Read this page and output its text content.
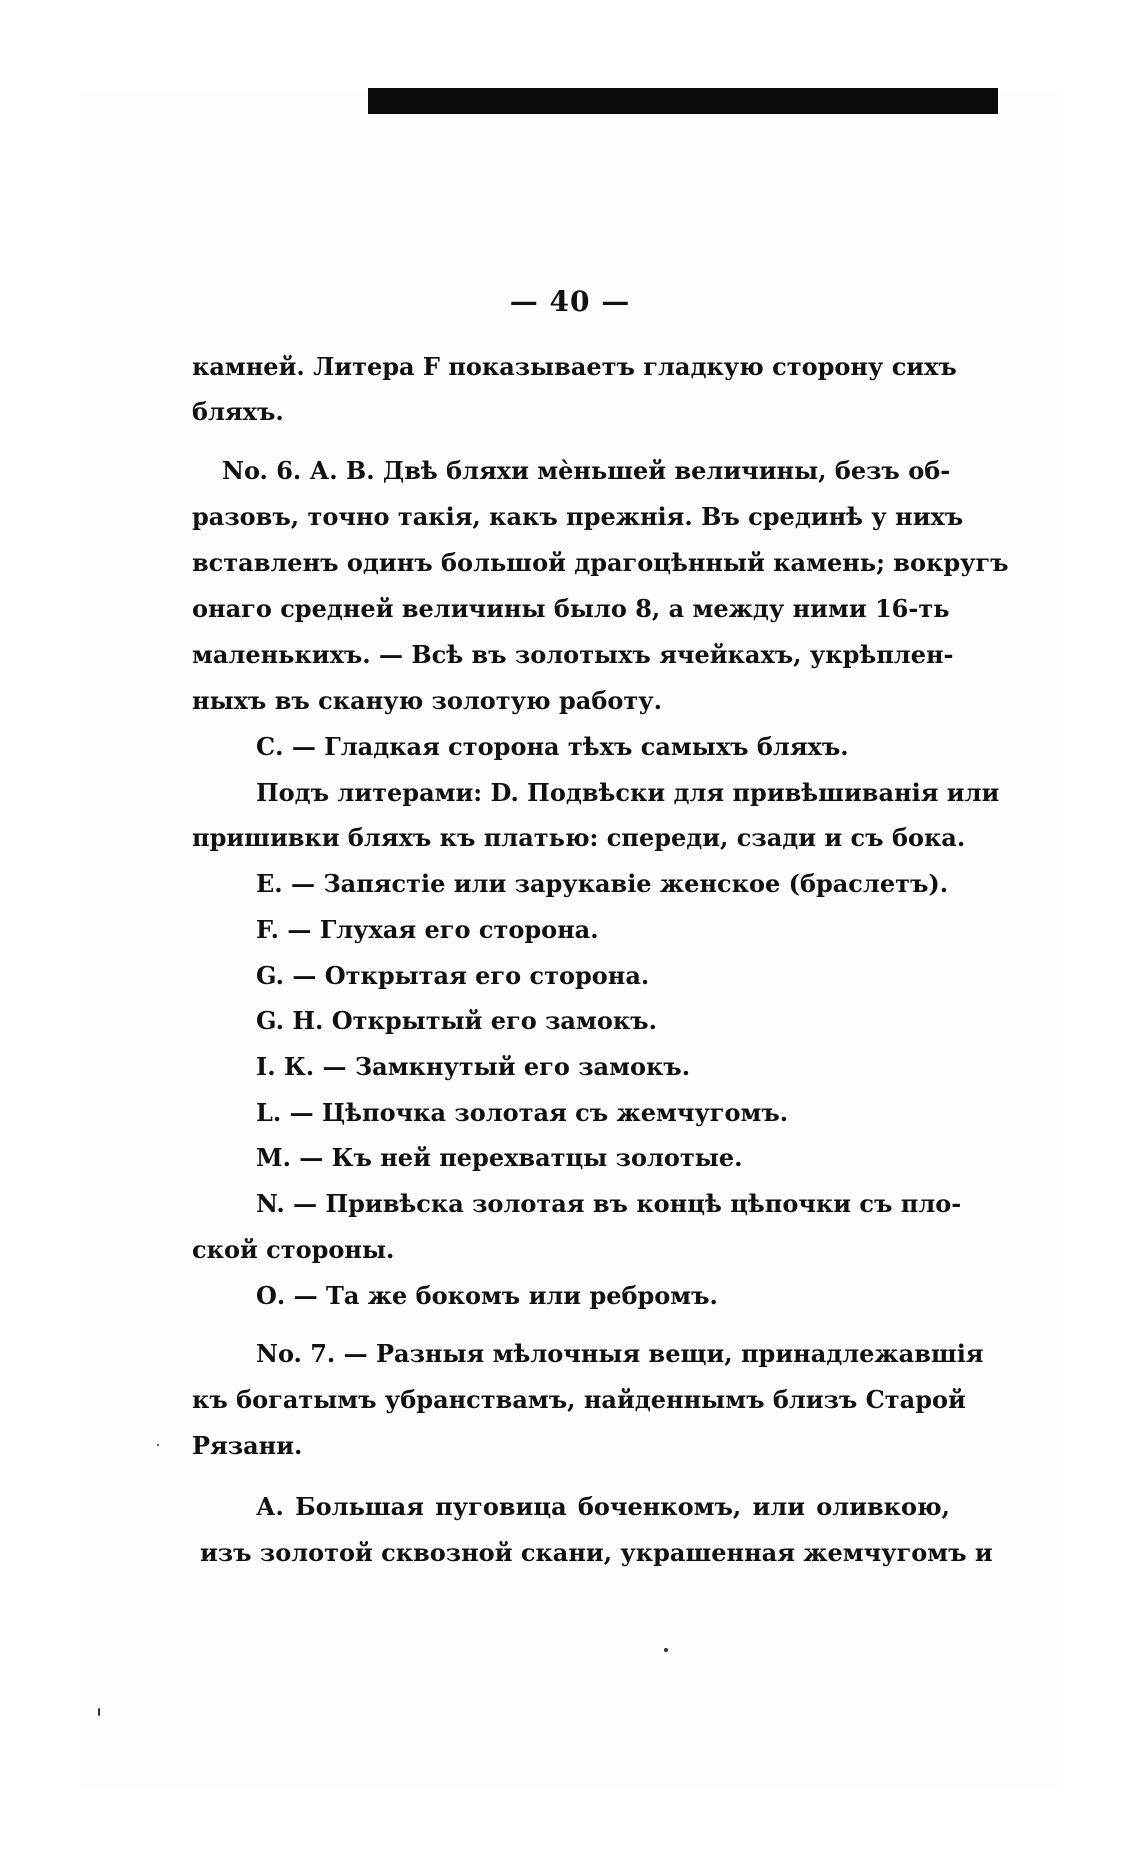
— 40 —
камней. Литера F показываетъ гладкую сторону сихъ
бляхъ.
No. 6. А. В. Двѣ бляхи мѐньшей величины, безъ об-
разовъ, точно такія, какъ прежнія. Въ срединѣ у нихъ
вставленъ одинъ большой драгоцѣнный камень; вокругъ
онаго средней величины было 8, а между ними 16-ть
маленькихъ. — Всѣ въ золотыхъ ячейкахъ, укрѣплен-
ныхъ въ сканую золотую работу.
С. — Гладкая сторона тѣхъ самыхъ бляхъ.
Подъ литерами: D. Подвѣски для привѣшиванія или
пришивки бляхъ къ платью: спереди, сзади и съ бока.
Е. — Запястіе или зарукавіе женское (браслетъ).
F. — Глухая его сторона.
G. — Открытая его сторона.
G. Н. Открытый его замокъ.
I. К. — Замкнутый его замокъ.
L. — Цѣпочка золотая съ жемчугомъ.
М. — Къ ней перехватцы золотые.
N. — Привѣска золотая въ концѣ цѣпочки съ пло-
ской стороны.
О. — Та же бокомъ или ребромъ.
No. 7. — Разныя мѣлочныя вещи, принадлежавшія
къ богатымъ убранствамъ, найденнымъ близъ Старой
Рязани.
А. Большая пуговица боченкомъ, или оливкою,
изъ золотой сквозной скани, украшенная жемчугомъ и
